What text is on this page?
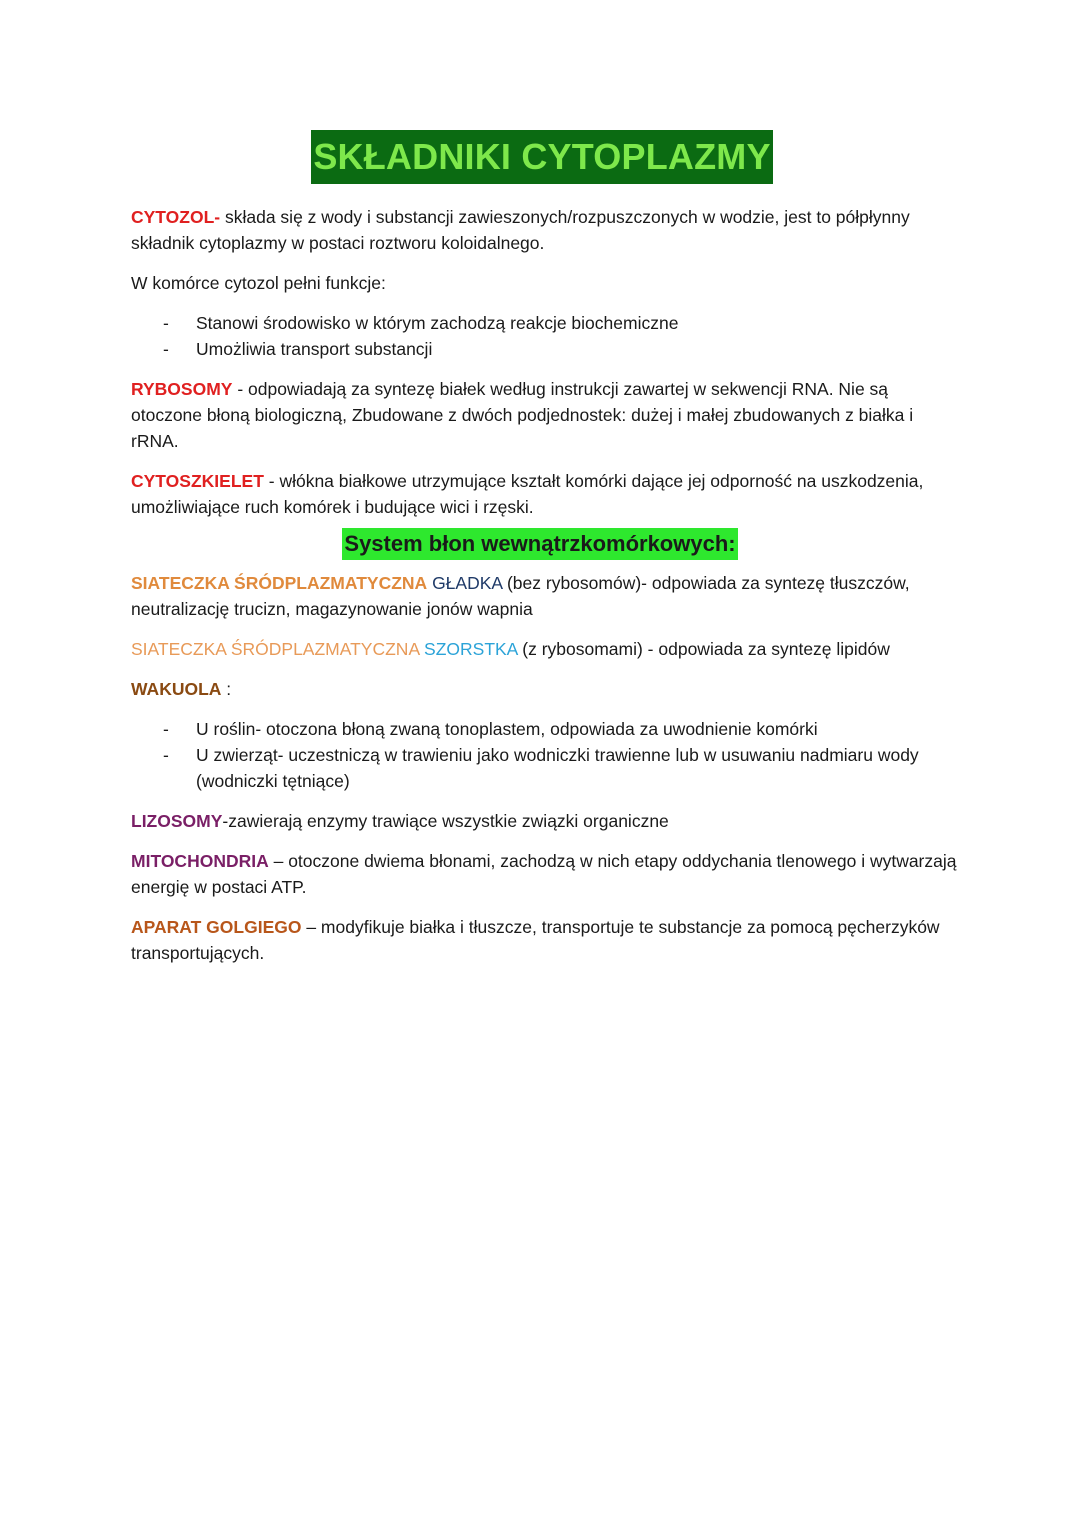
SKŁADNIKI CYTOPLAZMY

CYTOZOL- składa się z wody i substancji zawieszonych/rozpuszczonych w wodzie, jest to półpłynny składnik cytoplazmy w postaci roztworu koloidalnego.

W komórce cytozol pełni funkcje:

- Stanowi środowisko w którym zachodzą reakcje biochemiczne
- Umożliwia transport substancji

RYBOSOMY - odpowiadają za syntezę białek według instrukcji zawartej w sekwencji RNA. Nie są otoczone błoną biologiczną, Zbudowane z dwóch podjednostek: dużej i małej zbudowanych z białka i rRNA.

CYTOSZKIELET - włókna białkowe utrzymujące kształt komórki dające jej odporność na uszkodzenia, umożliwiające ruch komórek i budujące wici i rzęski.

System błon wewnątrzkomórkowych:

SIATECZKA ŚRÓDPLAZMATYCZNA GŁADKA (bez rybosomów)- odpowiada za syntezę tłuszczów, neutralizację trucizn, magazynowanie jonów wapnia

SIATECZKA ŚRÓDPLAZMATYCZNA SZORSTKA (z rybosomami) - odpowiada za syntezę lipidów

WAKUOLA :

- U roślin- otoczona błoną zwaną tonoplastem, odpowiada za uwodnienie komórki
- U zwierząt- uczestniczą w trawieniu jako wodniczki trawienne lub w usuwaniu nadmiaru wody (wodniczki tętniące)

LIZOSOMY-zawierają enzymy trawiące wszystkie związki organiczne

MITOCHONDRIA – otoczone dwiema błonami, zachodzą w nich etapy oddychania tlenowego i wytwarzają energię w postaci ATP.

APARAT GOLGIEGO – modyfikuje białka i tłuszcze, transportuje te substancje za pomocą pęcherzyków transportujących.
